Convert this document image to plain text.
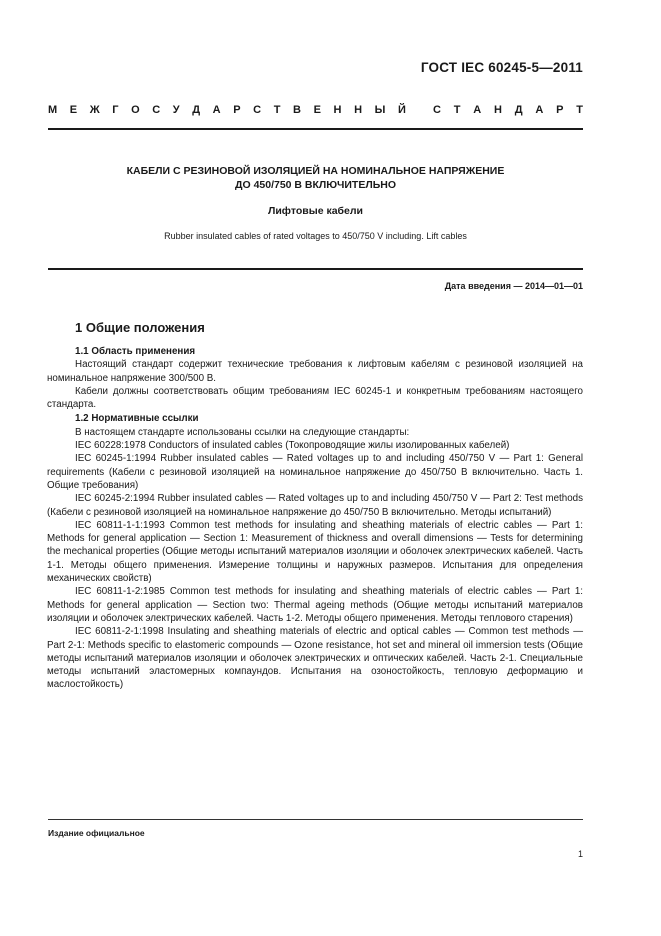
ГОСТ IEC 60245-5—2011
М Е Ж Г О С У Д А Р С Т В Е Н Н Ы Й С Т А Н Д А Р Т
КАБЕЛИ С РЕЗИНОВОЙ ИЗОЛЯЦИЕЙ НА НОМИНАЛЬНОЕ НАПРЯЖЕНИЕ
ДО 450/750 В ВКЛЮЧИТЕЛЬНО
Лифтовые кабели
Rubber insulated cables of rated voltages to 450/750 V including. Lift cables
Дата введения — 2014—01—01
1 Общие положения

1.1 Область применения

Настоящий стандарт содержит технические требования к лифтовым кабелям с резиновой изоляцией на номинальное напряжение 300/500 В.

Кабели должны соответствовать общим требованиям IEC 60245-1 и конкретным требованиям настоящего стандарта.

1.2 Нормативные ссылки

В настоящем стандарте использованы ссылки на следующие стандарты:

IEC 60228:1978 Conductors of insulated cables (Токопроводящие жилы изолированных кабелей)

IEC 60245-1:1994 Rubber insulated cables — Rated voltages up to and including 450/750 V — Part 1: General requirements (Кабели с резиновой изоляцией на номинальное напряжение до 450/750 В включительно. Часть 1. Общие требования)

IEC 60245-2:1994 Rubber insulated cables — Rated voltages up to and including 450/750 V — Part 2: Test methods (Кабели с резиновой изоляцией на номинальное напряжение до 450/750 В включительно. Методы испытаний)

IEC 60811-1-1:1993 Common test methods for insulating and sheathing materials of electric cables — Part 1: Methods for general application — Section 1: Measurement of thickness and overall dimensions — Tests for determining the mechanical properties (Общие методы испытаний материалов изоляции и оболочек электрических кабелей. Часть 1-1. Методы общего применения. Измерение толщины и наружных размеров. Испытания для определения механических свойств)

IEC 60811-1-2:1985 Common test methods for insulating and sheathing materials of electric cables — Part 1: Methods for general application — Section two: Thermal ageing methods (Общие методы испытаний материалов изоляции и оболочек электрических кабелей. Часть 1-2. Методы общего применения. Методы теплового старения)

IEC 60811-2-1:1998 Insulating and sheathing materials of electric and optical cables — Common test methods — Part 2-1: Methods specific to elastomeric compounds — Ozone resistance, hot set and mineral oil immersion tests (Общие методы испытаний материалов изоляции и оболочек электрических и оптических кабелей. Часть 2-1. Специальные методы испытаний эластомерных компаундов. Испытания на озоностойкость, тепловую деформацию и маслостойкость)

Издание официальное
1
